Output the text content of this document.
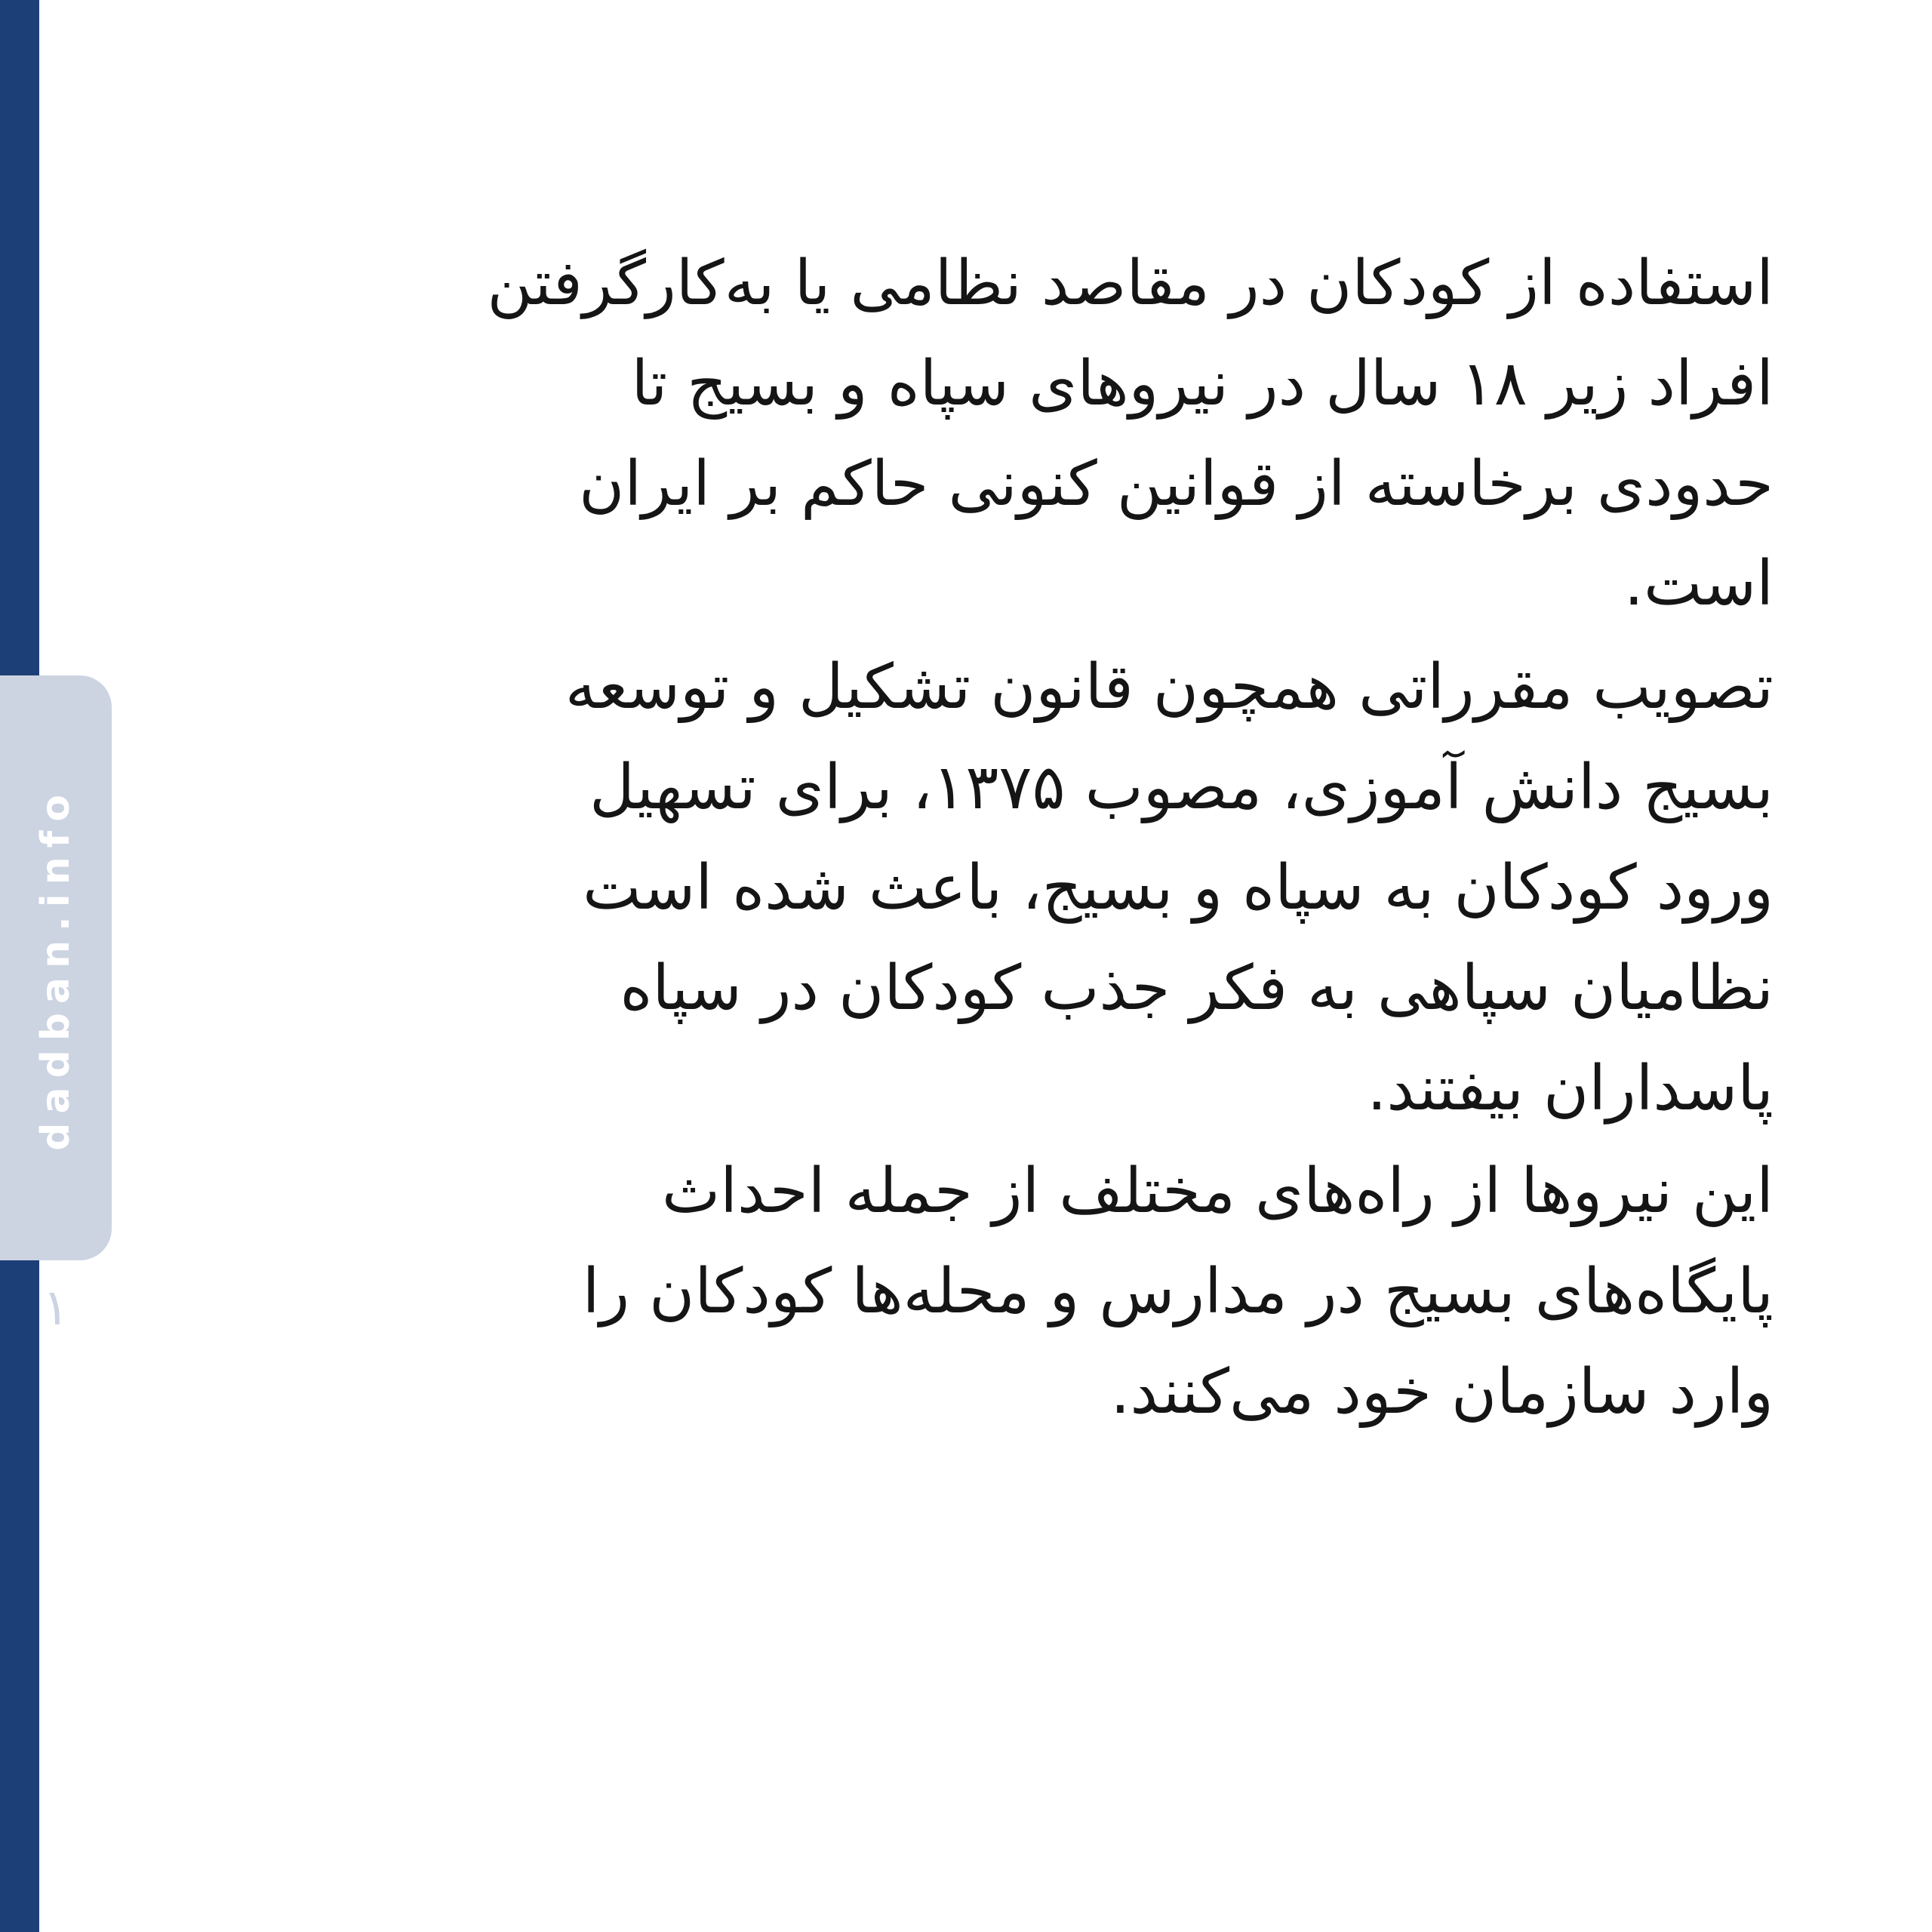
dadban.info
۱

استفاده از کودکان در مقاصد نظامی یا به‌کارگرفتن افراد زیر ۱۸ سال در نیروهای سپاه و بسیج تا حدودی برخاسته از قوانین کنونی حاکم بر ایران است.

تصویب مقرراتی همچون قانون تشکیل و توسعه بسیج دانش آموزی، مصوب ۱۳۷۵، برای تسهیل ورود کودکان به سپاه و بسیج، باعث شده است نظامیان سپاهی به فکر جذب کودکان در سپاه پاسداران بیفتند.

این نیروها از راه‌های مختلف از جمله احداث پایگاه‌های بسیج در مدارس و محله‌ها کودکان را وارد سازمان خود می‌کنند.
